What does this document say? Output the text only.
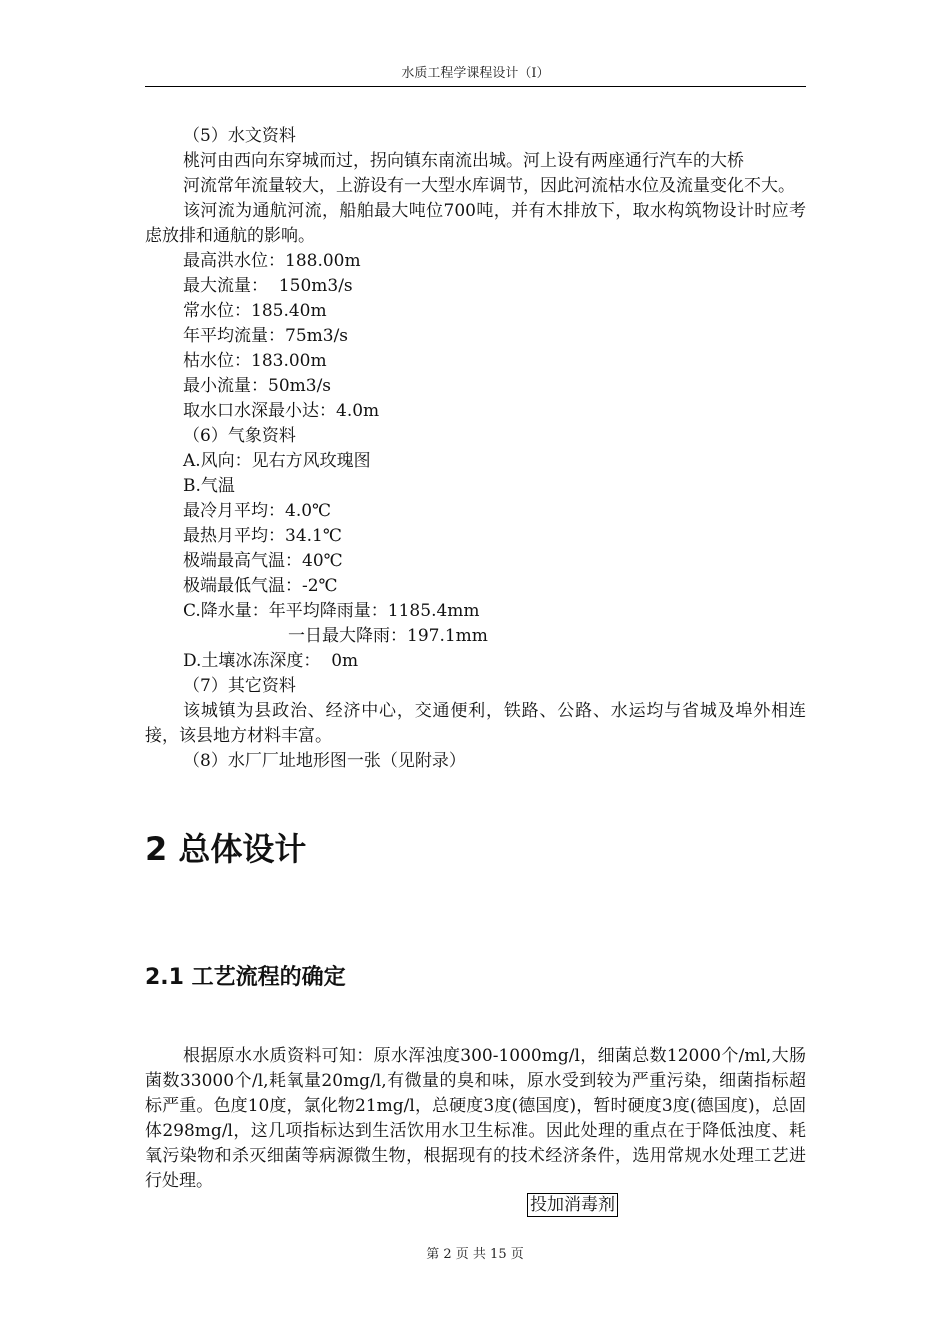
水质工程学课程设计（I）
（5）水文资料
桃河由西向东穿城而过，拐向镇东南流出城。河上设有两座通行汽车的大桥

河流常年流量较大，上游设有一大型水库调节，因此河流枯水位及流量变化不大。

该河流为通航河流，船舶最大吨位700吨，并有木排放下，取水构筑物设计时应考虑放排和通航的影响。

最高洪水位：188.00m
最大流量：  150m3/s
常水位：185.40m
年平均流量：75m3/s
枯水位：183.00m
最小流量：50m3/s
取水口水深最小达：4.0m
（6）气象资料
A.风向：见右方风玫瑰图
B.气温
最冷月平均：4.0℃
最热月平均：34.1℃
极端最高气温：40℃
极端最低气温：-2℃
C.降水量：年平均降雨量：1185.4mm
一日最大降雨：197.1mm
D.土壤冰冻深度：  0m
（7）其它资料

该城镇为县政治、经济中心，交通便利，铁路、公路、水运均与省城及埠外相连接，该县地方材料丰富。

（8）水厂厂址地形图一张（见附录）
2 总体设计
2.1 工艺流程的确定

根据原水水质资料可知：原水浑浊度300-1000mg/l，细菌总数12000个/ml,大肠菌数33000个/l,耗氧量20mg/l,有微量的臭和味，原水受到较为严重污染，细菌指标超标严重。色度10度，氯化物21mg/l，总硬度3度(德国度)，暂时硬度3度(德国度)，总固体298mg/l，这几项指标达到生活饮用水卫生标准。因此处理的重点在于降低浊度、耗氧污染物和杀灭细菌等病源微生物，根据现有的技术经济条件，选用常规水处理工艺进行处理。

投加消毒剂
第 2 页 共 15 页
